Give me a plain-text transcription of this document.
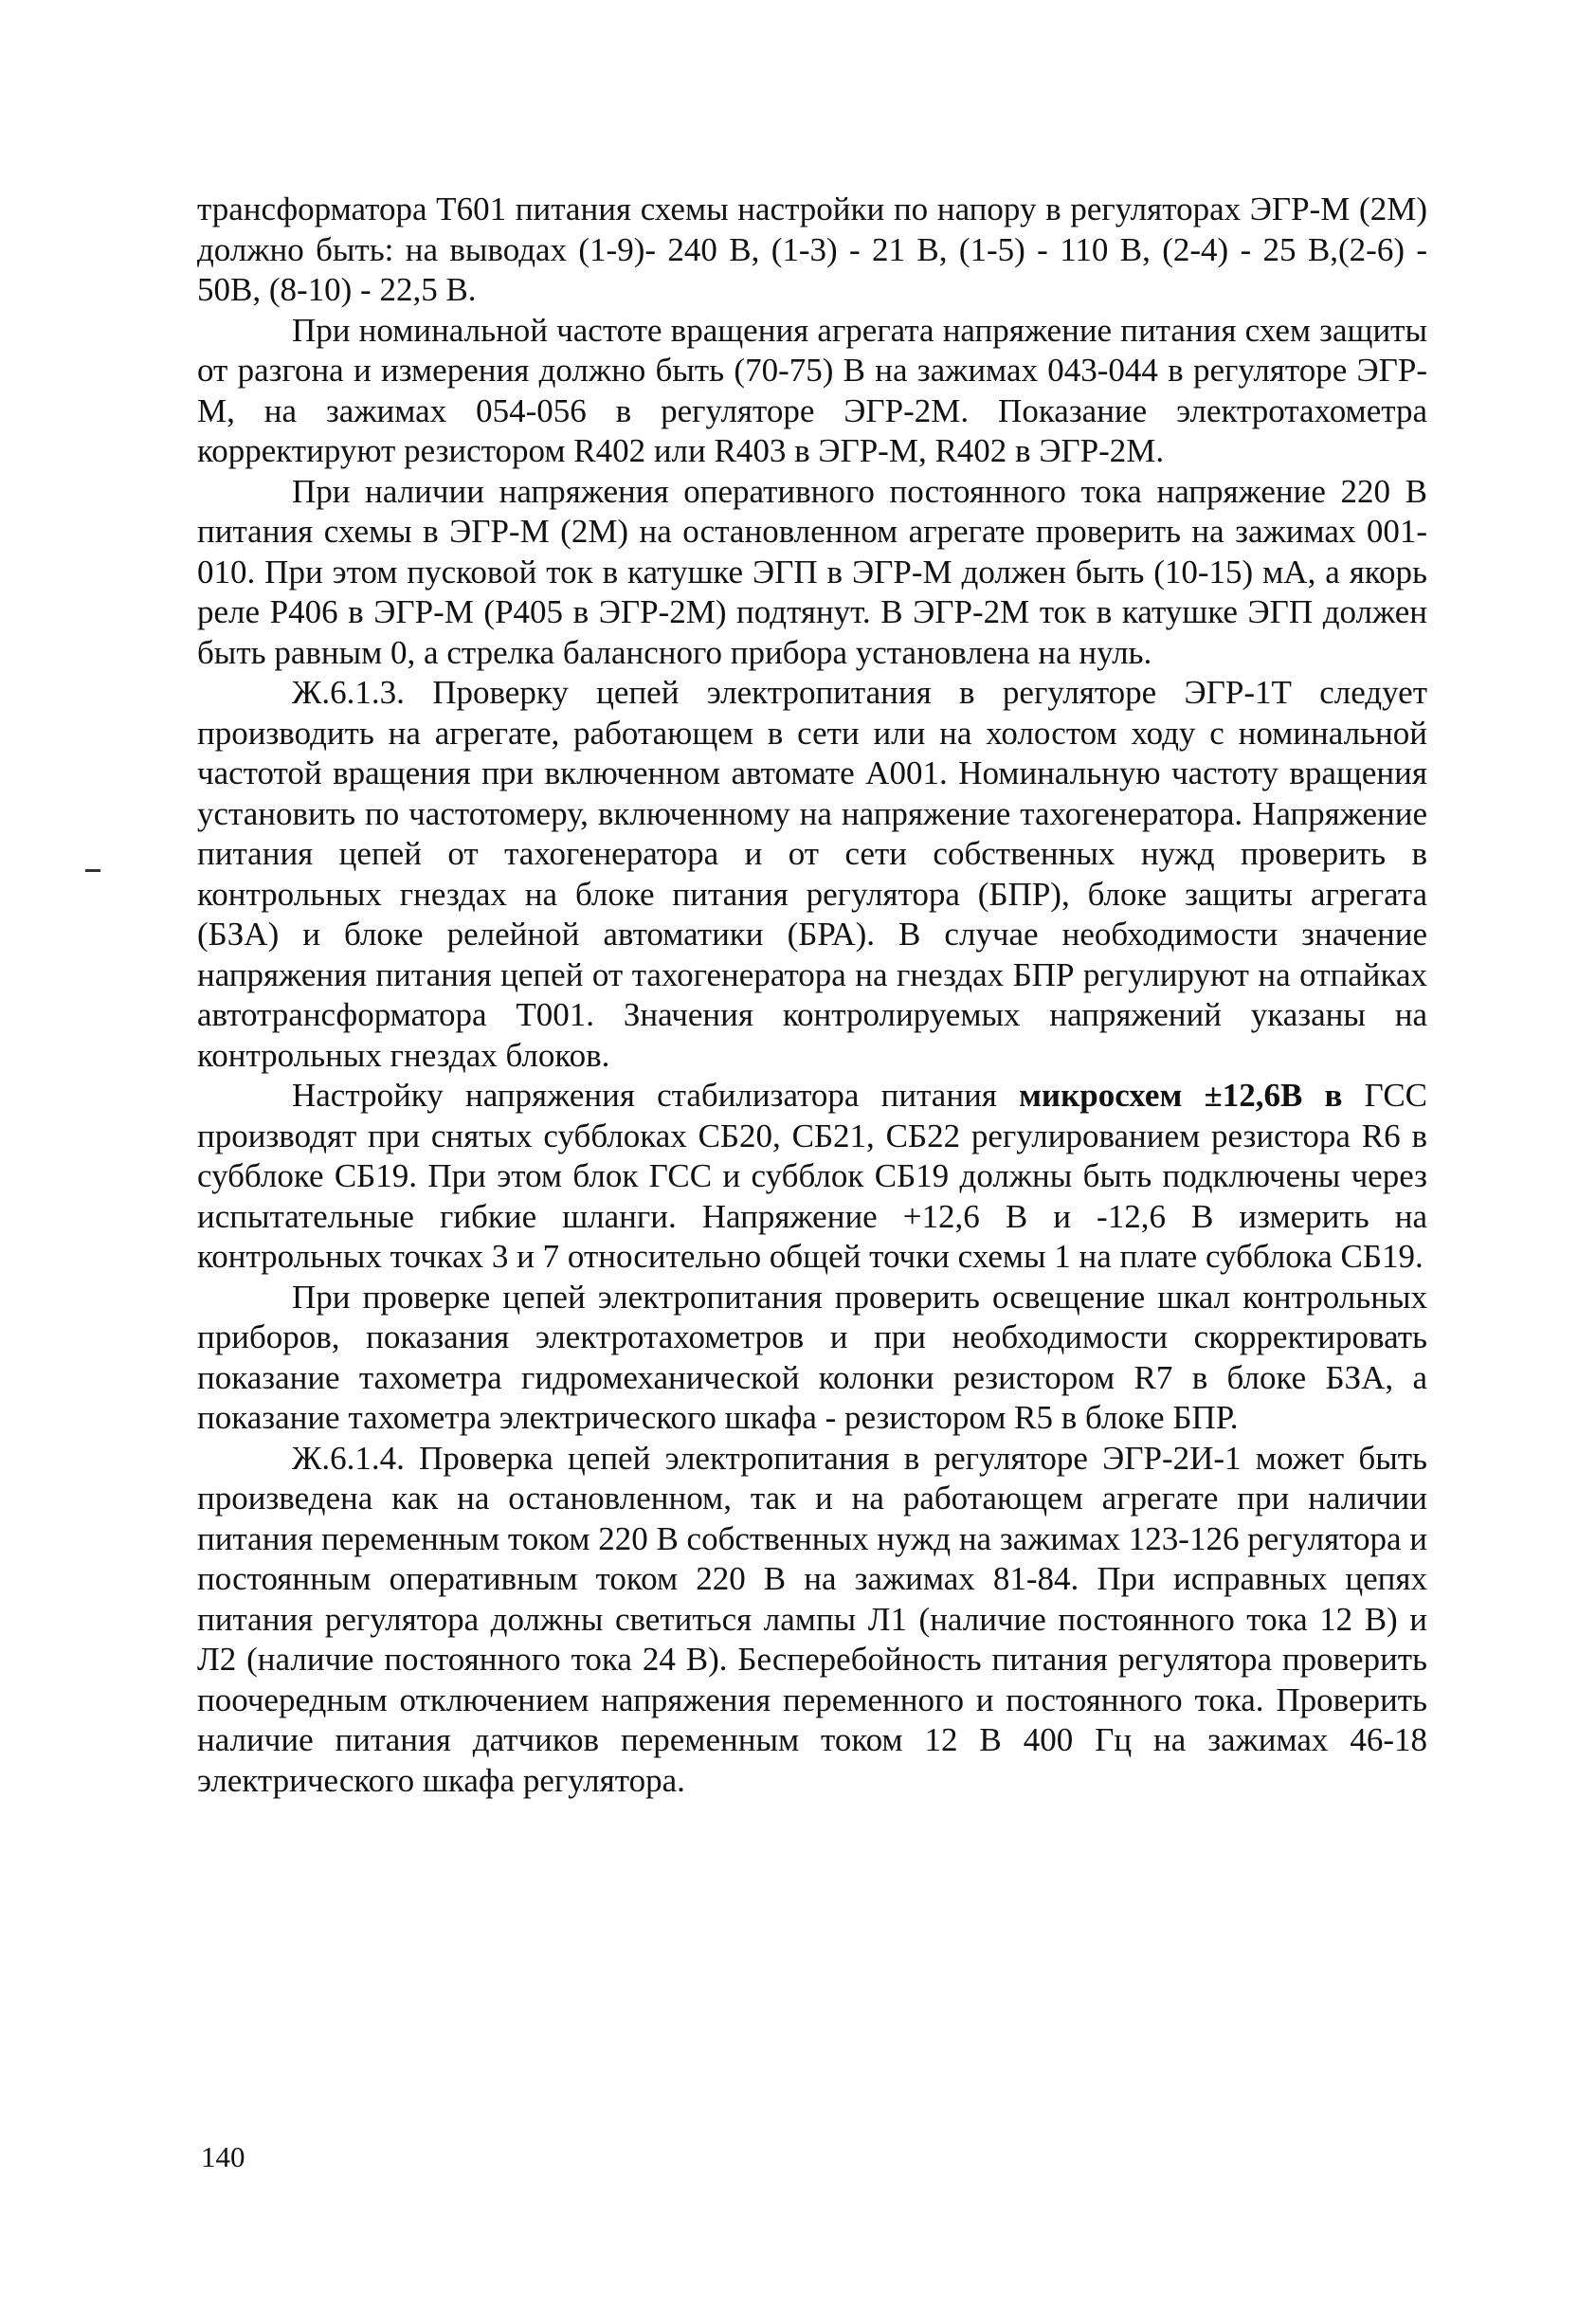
трансформатора Т601 питания схемы настройки по напору в регуляторах ЭГР-М (2М) должно быть: на выводах (1-9)- 240 В, (1-3) - 21 В, (1-5) - 110 В, (2-4) - 25 В,(2-6) - 50В, (8-10) - 22,5 В.

При номинальной частоте вращения агрегата напряжение питания схем защиты от разгона и измерения должно быть (70-75) В на зажимах 043-044 в регуляторе ЭГР-М, на зажимах 054-056 в регуляторе ЭГР-2М. Показание электротахометра корректируют резистором R402 или R403 в ЭГР-М, R402 в ЭГР-2М.

При наличии напряжения оперативного постоянного тока напряжение 220 В питания схемы в ЭГР-М (2М) на остановленном агрегате проверить на зажимах 001-010. При этом пусковой ток в катушке ЭГП в ЭГР-М должен быть (10-15) мА, а якорь реле Р406 в ЭГР-М (Р405 в ЭГР-2М) подтянут. В ЭГР-2М ток в катушке ЭГП должен быть равным 0, а стрелка балансного прибора установлена на нуль.

Ж.6.1.3. Проверку цепей электропитания в регуляторе ЭГР-1Т следует производить на агрегате, работающем в сети или на холостом ходу с номинальной частотой вращения при включенном автомате А001. Номинальную частоту вращения установить по частотомеру, включенному на напряжение тахогенератора. Напряжение питания цепей от тахогенератора и от сети собственных нужд проверить в контрольных гнездах на блоке питания регулятора (БПР), блоке защиты агрегата (БЗА) и блоке релейной автоматики (БРА). В случае необходимости значение напряжения питания цепей от тахогенератора на гнездах БПР регулируют на отпайках автотрансформатора Т001. Значения контролируемых напряжений указаны на контрольных гнездах блоков.

Настройку напряжения стабилизатора питания микросхем ±12,6В в ГСС производят при снятых субблоках СБ20, СБ21, СБ22 регулированием резистора R6 в субблоке СБ19. При этом блок ГСС и субблок СБ19 должны быть подключены через испытательные гибкие шланги. Напряжение +12,6 В и -12,6 В измерить на контрольных точках 3 и 7 относительно общей точки схемы 1 на плате субблока СБ19.

При проверке цепей электропитания проверить освещение шкал контрольных приборов, показания электротахометров и при необходимости скорректировать показание тахометра гидромеханической колонки резистором R7 в блоке БЗА, а показание тахометра электрического шкафа - резистором R5 в блоке БПР.

Ж.6.1.4. Проверка цепей электропитания в регуляторе ЭГР-2И-1 может быть произведена как на остановленном, так и на работающем агрегате при наличии питания переменным током 220 В собственных нужд на зажимах 123-126 регулятора и постоянным оперативным током 220 В на зажимах 81-84. При исправных цепях питания регулятора должны светиться лампы Л1 (наличие постоянного тока 12 В) и Л2 (наличие постоянного тока 24 В). Бесперебойность питания регулятора проверить поочередным отключением напряжения переменного и постоянного тока. Проверить наличие питания датчиков переменным током 12 В 400 Гц на зажимах 46-18 электрического шкафа регулятора.

140
